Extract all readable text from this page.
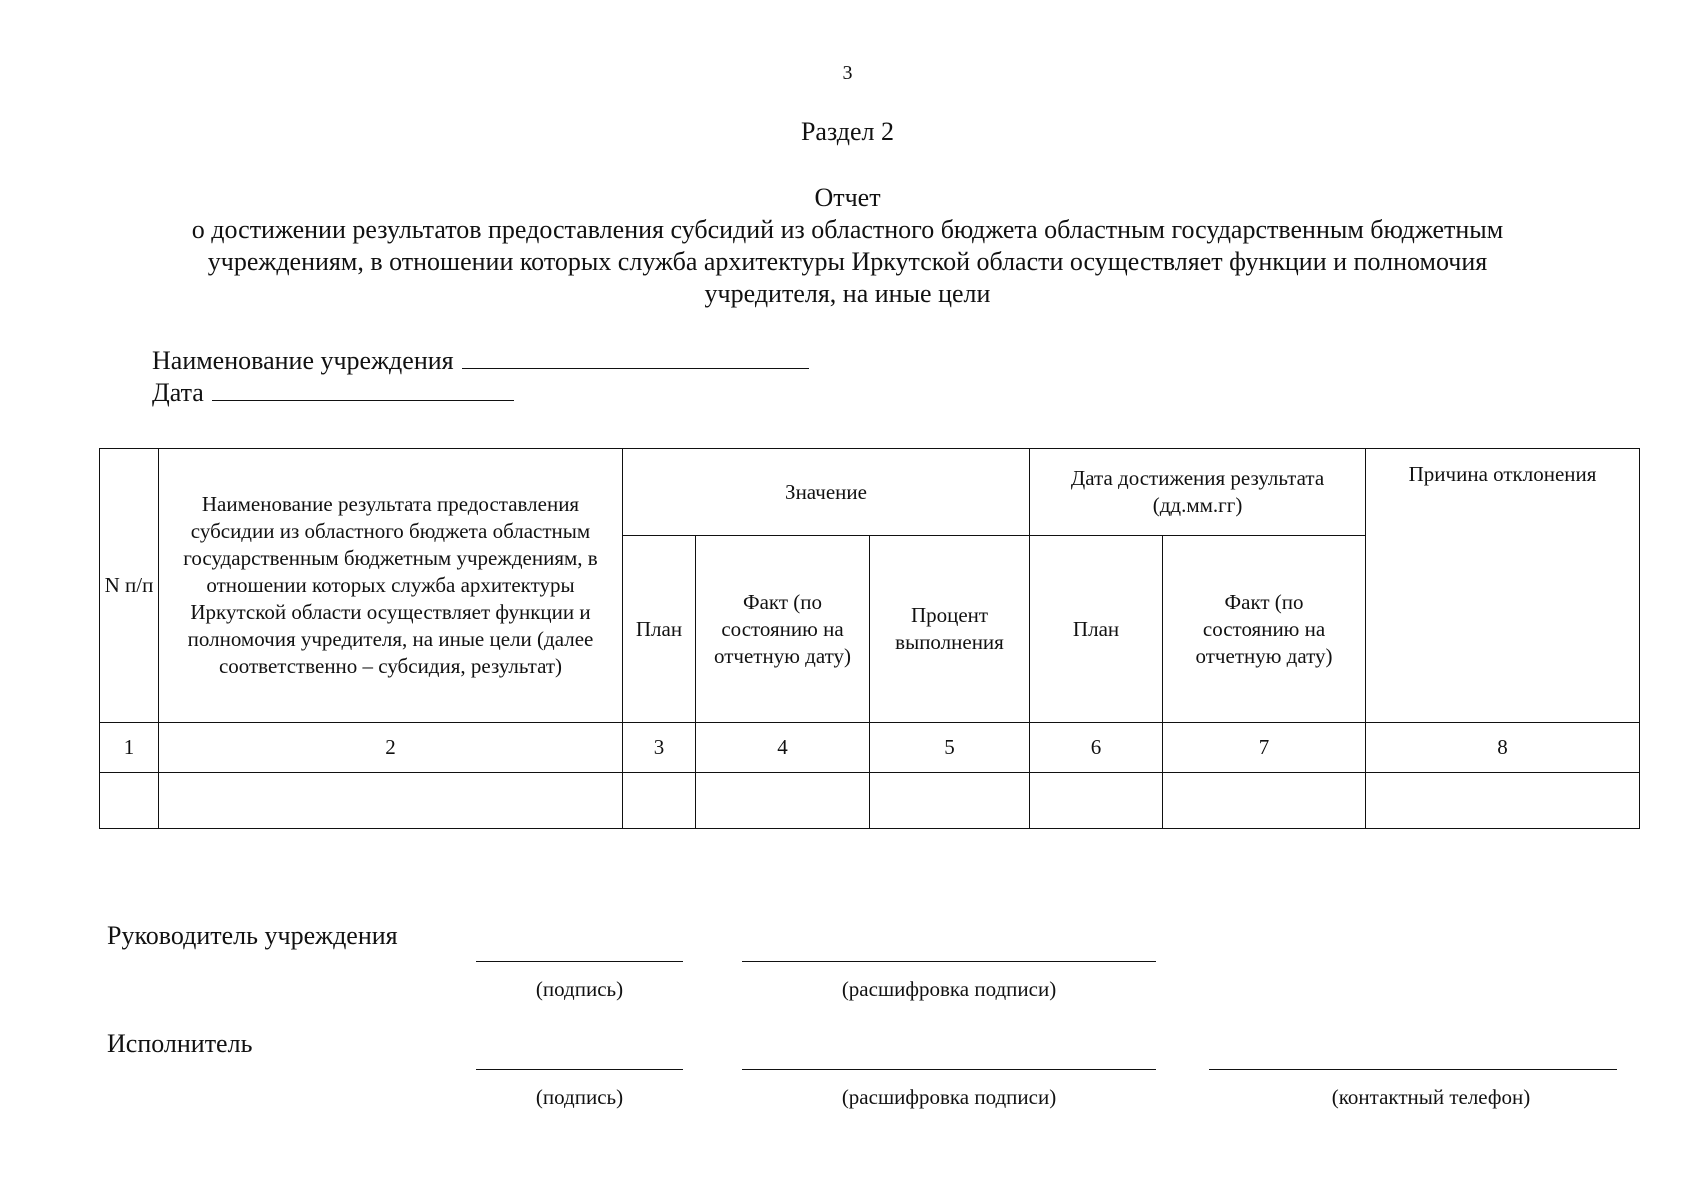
3
Раздел 2
Отчет
о достижении результатов предоставления субсидий из областного бюджета областным государственным бюджетным
учреждениям, в отношении которых служба архитектуры Иркутской области осуществляет функции и полномочия
учредителя, на иные цели
Наименование учреждения
Дата
N п/п	Наименование результата предоставления субсидии из областного бюджета областным государственным бюджетным учреждениям, в отношении которых служба архитектуры Иркутской области осуществляет функции и полномочия учредителя, на иные цели (далее соответственно – субсидия, результат)	Значение			Дата достижения результата (дд.мм.гг)		Причина отклонения
		План	Факт (по состоянию на отчетную дату)	Процент выполнения	План	Факт (по состоянию на отчетную дату)	
1	2	3	4	5	6	7	8

Руководитель учреждения
(подпись)	(расшифровка подписи)
Исполнитель
(подпись)	(расшифровка подписи)	(контактный телефон)
